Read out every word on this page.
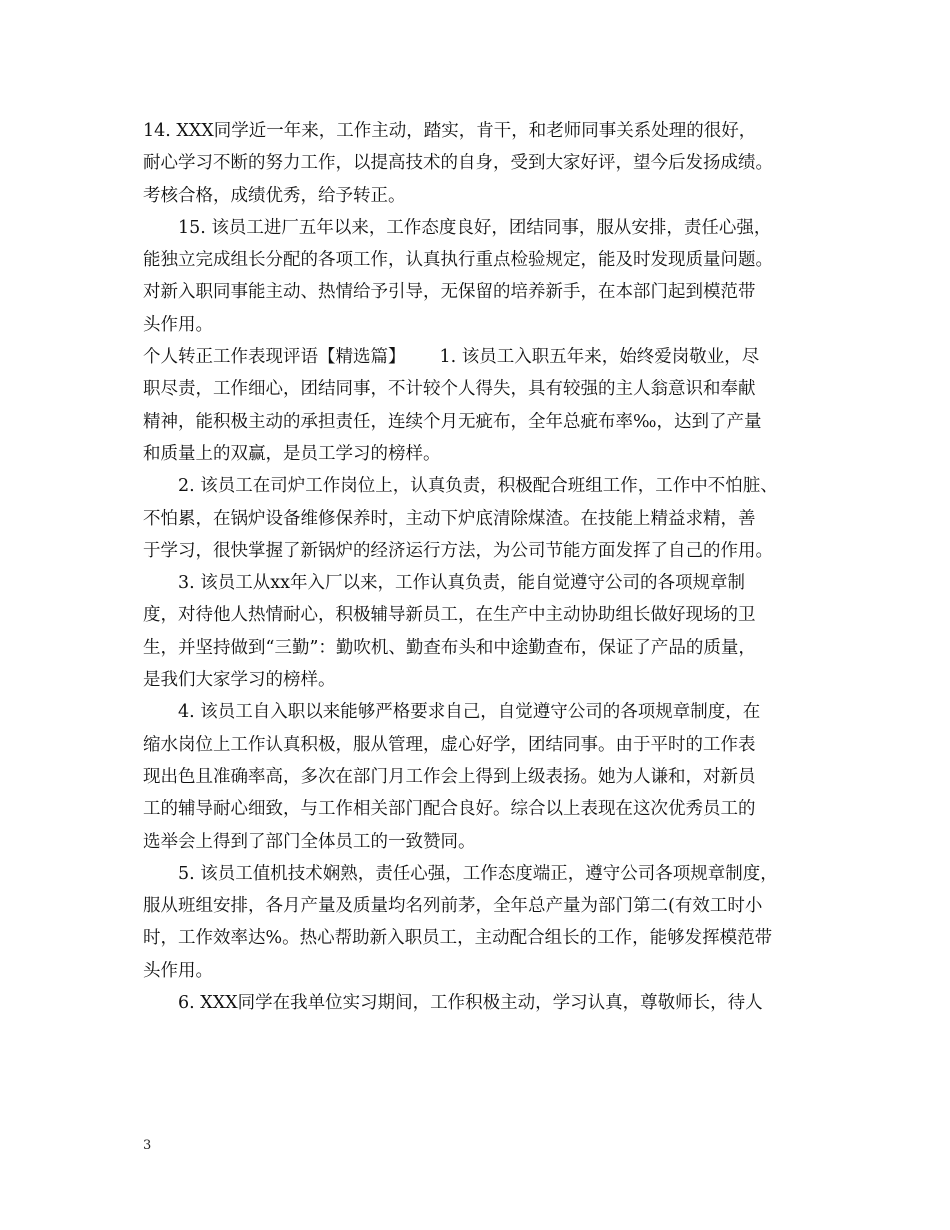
14. XXX同学近一年来，工作主动，踏实，肯干，和老师同事关系处理的很好，
耐心学习不断的努力工作，以提高技术的自身，受到大家好评，望今后发扬成绩。
考核合格，成绩优秀，给予转正。
15. 该员工进厂五年以来，工作态度良好，团结同事，服从安排，责任心强，
能独立完成组长分配的各项工作，认真执行重点检验规定，能及时发现质量问题。
对新入职同事能主动、热情给予引导，无保留的培养新手，在本部门起到模范带
头作用。
个人转正工作表现评语【精选篇】 1. 该员工入职五年来，始终爱岗敬业，尽
职尽责，工作细心，团结同事，不计较个人得失，具有较强的主人翁意识和奉献
精神，能积极主动的承担责任，连续个月无疵布，全年总疵布率‰，达到了产量
和质量上的双赢，是员工学习的榜样。
2. 该员工在司炉工作岗位上，认真负责，积极配合班组工作，工作中不怕脏、
不怕累，在锅炉设备维修保养时，主动下炉底清除煤渣。在技能上精益求精，善
于学习，很快掌握了新锅炉的经济运行方法，为公司节能方面发挥了自己的作用。
3. 该员工从xx年入厂以来，工作认真负责，能自觉遵守公司的各项规章制
度，对待他人热情耐心，积极辅导新员工，在生产中主动协助组长做好现场的卫
生，并坚持做到“三勤”：勤吹机、勤查布头和中途勤查布，保证了产品的质量，
是我们大家学习的榜样。
4. 该员工自入职以来能够严格要求自己，自觉遵守公司的各项规章制度，在
缩水岗位上工作认真积极，服从管理，虚心好学，团结同事。由于平时的工作表
现出色且准确率高，多次在部门月工作会上得到上级表扬。她为人谦和，对新员
工的辅导耐心细致，与工作相关部门配合良好。综合以上表现在这次优秀员工的
选举会上得到了部门全体员工的一致赞同。
5. 该员工值机技术娴熟，责任心强，工作态度端正，遵守公司各项规章制度，
服从班组安排，各月产量及质量均名列前茅，全年总产量为部门第二(有效工时小
时，工作效率达%。热心帮助新入职员工，主动配合组长的工作，能够发挥模范带
头作用。
6. XXX同学在我单位实习期间，工作积极主动，学习认真，尊敬师长，待人
3
